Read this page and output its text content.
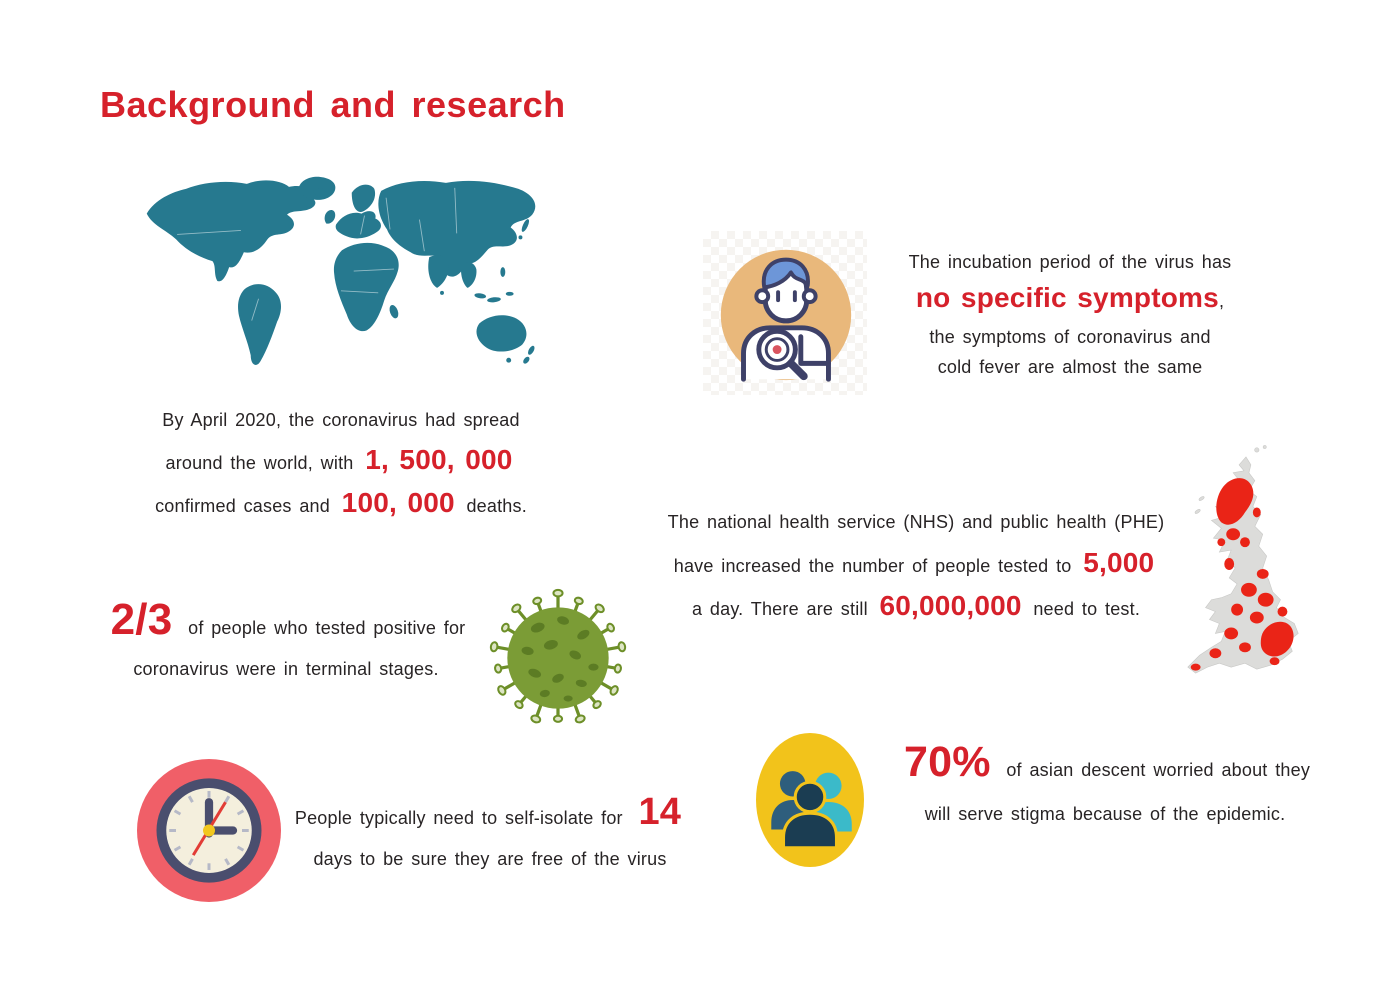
Background and research
By April 2020, the coronavirus had spread
around the world, with 1, 500, 000
confirmed cases and 100, 000 deaths.
The incubation period of the virus has
no specific symptoms,
the symptoms of coronavirus and
cold fever are almost the same
The national health service (NHS) and public health (PHE)
have increased the number of people tested to 5,000
a day. There are still 60,000,000 need to test.
2/3 of people who tested positive for
coronavirus were in terminal stages.
People typically need to self-isolate for 14
days to be sure they are free of the virus
70% of asian descent worried about they
will serve stigma because of the epidemic.
